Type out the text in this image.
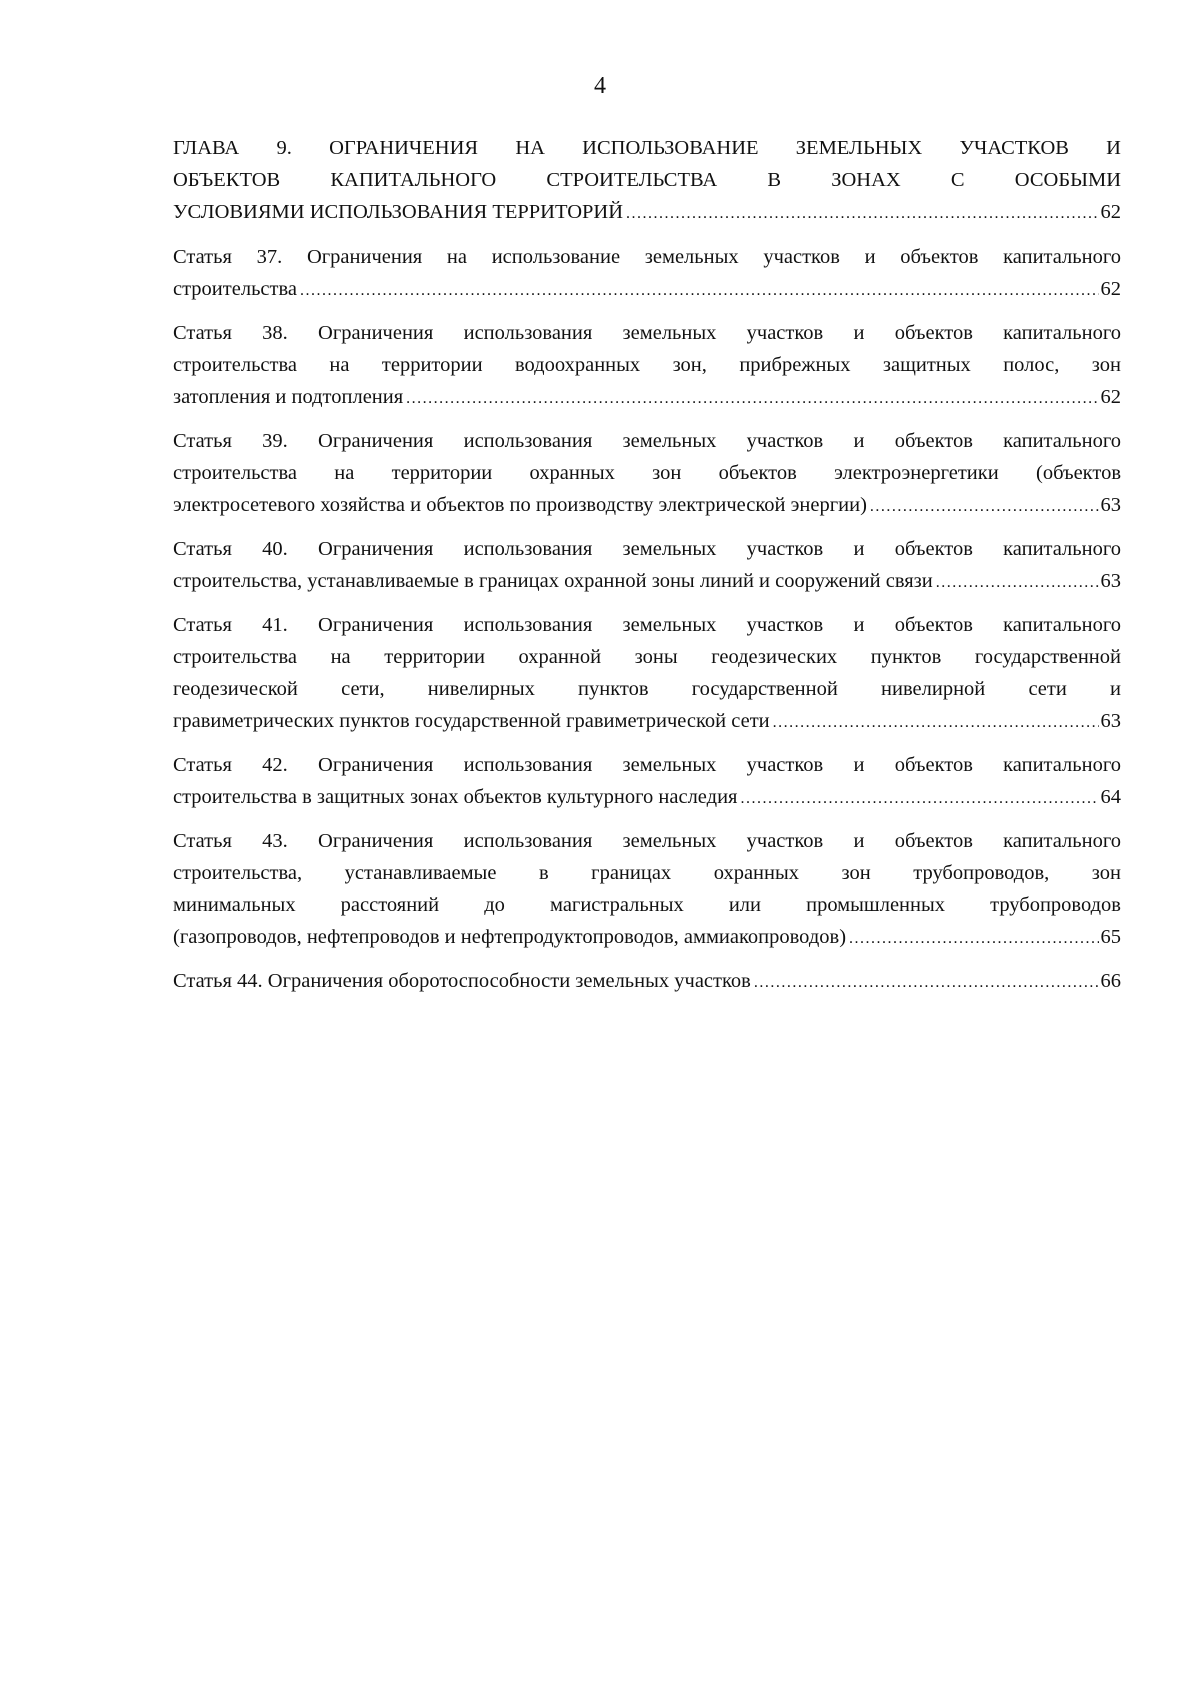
4
ГЛАВА 9. ОГРАНИЧЕНИЯ НА ИСПОЛЬЗОВАНИЕ ЗЕМЕЛЬНЫХ УЧАСТКОВ И
ОБЪЕКТОВ КАПИТАЛЬНОГО СТРОИТЕЛЬСТВА В ЗОНАХ С ОСОБЫМИ
УСЛОВИЯМИ ИСПОЛЬЗОВАНИЯ ТЕРРИТОРИЙ .....	62
Статья 37. Ограничения на использование земельных участков и объектов капитального
строительства .....	62
Статья 38. Ограничения использования земельных участков и объектов капитального
строительства на территории водоохранных зон, прибрежных защитных полос, зон
затопления и подтопления .....	62
Статья 39. Ограничения использования земельных участков и объектов капитального
строительства на территории охранных зон объектов электроэнергетики (объектов
электросетевого хозяйства и объектов по производству электрической энергии) .....	63
Статья 40. Ограничения использования земельных участков и объектов капитального
строительства, устанавливаемые в границах охранной зоны линий и сооружений связи .....	63
Статья 41. Ограничения использования земельных участков и объектов капитального
строительства на территории охранной зоны геодезических пунктов государственной
геодезической сети, нивелирных пунктов государственной нивелирной сети и
гравиметрических пунктов государственной гравиметрической сети .....	63
Статья 42. Ограничения использования земельных участков и объектов капитального
строительства в защитных зонах объектов культурного наследия .....	64
Статья 43. Ограничения использования земельных участков и объектов капитального
строительства, устанавливаемые в границах охранных зон трубопроводов, зон
минимальных расстояний до магистральных или промышленных трубопроводов
(газопроводов, нефтепроводов и нефтепродуктопроводов, аммиакопроводов) .....	65
Статья 44. Ограничения оборотоспособности земельных участков .....	66
